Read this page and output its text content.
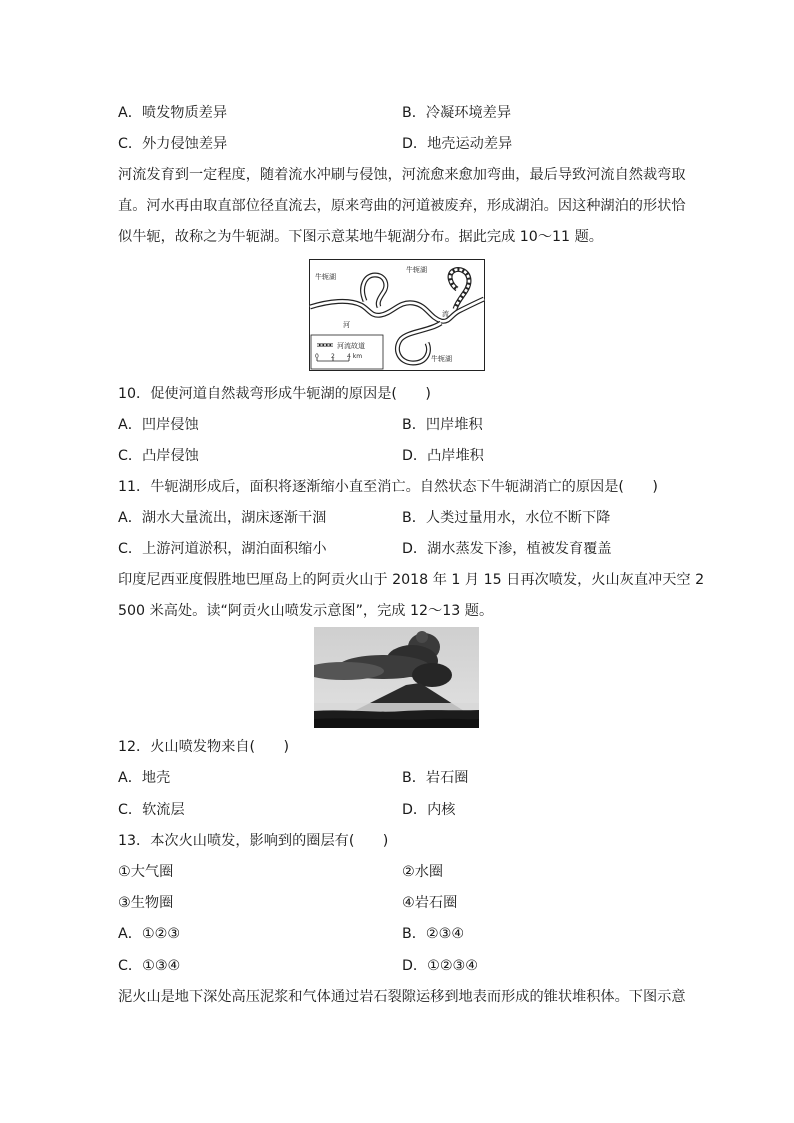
A．喷发物质差异	B．冷凝环境差异
C．外力侵蚀差异	D．地壳运动差异
河流发育到一定程度，随着流水冲刷与侵蚀，河流愈来愈加弯曲，最后导致河流自然裁弯取
直。河水再由取直部位径直流去，原来弯曲的河道被废弃，形成湖泊。因这种湖泊的形状恰
似牛轭，故称之为牛轭湖。下图示意某地牛轭湖分布。据此完成 10～11 题。
河流故道
0 2 4 km
牛轭湖
牛轭湖
牛轭湖
河
流
10．促使河道自然裁弯形成牛轭湖的原因是(　　)
A．凹岸侵蚀	B．凹岸堆积
C．凸岸侵蚀	D．凸岸堆积
11．牛轭湖形成后，面积将逐渐缩小直至消亡。自然状态下牛轭湖消亡的原因是(　　)
A．湖水大量流出，湖床逐渐干涸	B．人类过量用水，水位不断下降
C．上游河道淤积，湖泊面积缩小	D．湖水蒸发下渗，植被发育覆盖
印度尼西亚度假胜地巴厘岛上的阿贡火山于 2018 年 1 月 15 日再次喷发，火山灰直冲天空 2
500 米高处。读“阿贡火山喷发示意图”，完成 12～13 题。
12．火山喷发物来自(　　)
A．地壳	B．岩石圈
C．软流层	D．内核
13．本次火山喷发，影响到的圈层有(　　)
①大气圈	②水圈
③生物圈	④岩石圈
A．①②③	B．②③④
C．①③④	D．①②③④
泥火山是地下深处高压泥浆和气体通过岩石裂隙运移到地表而形成的锥状堆积体。下图示意
